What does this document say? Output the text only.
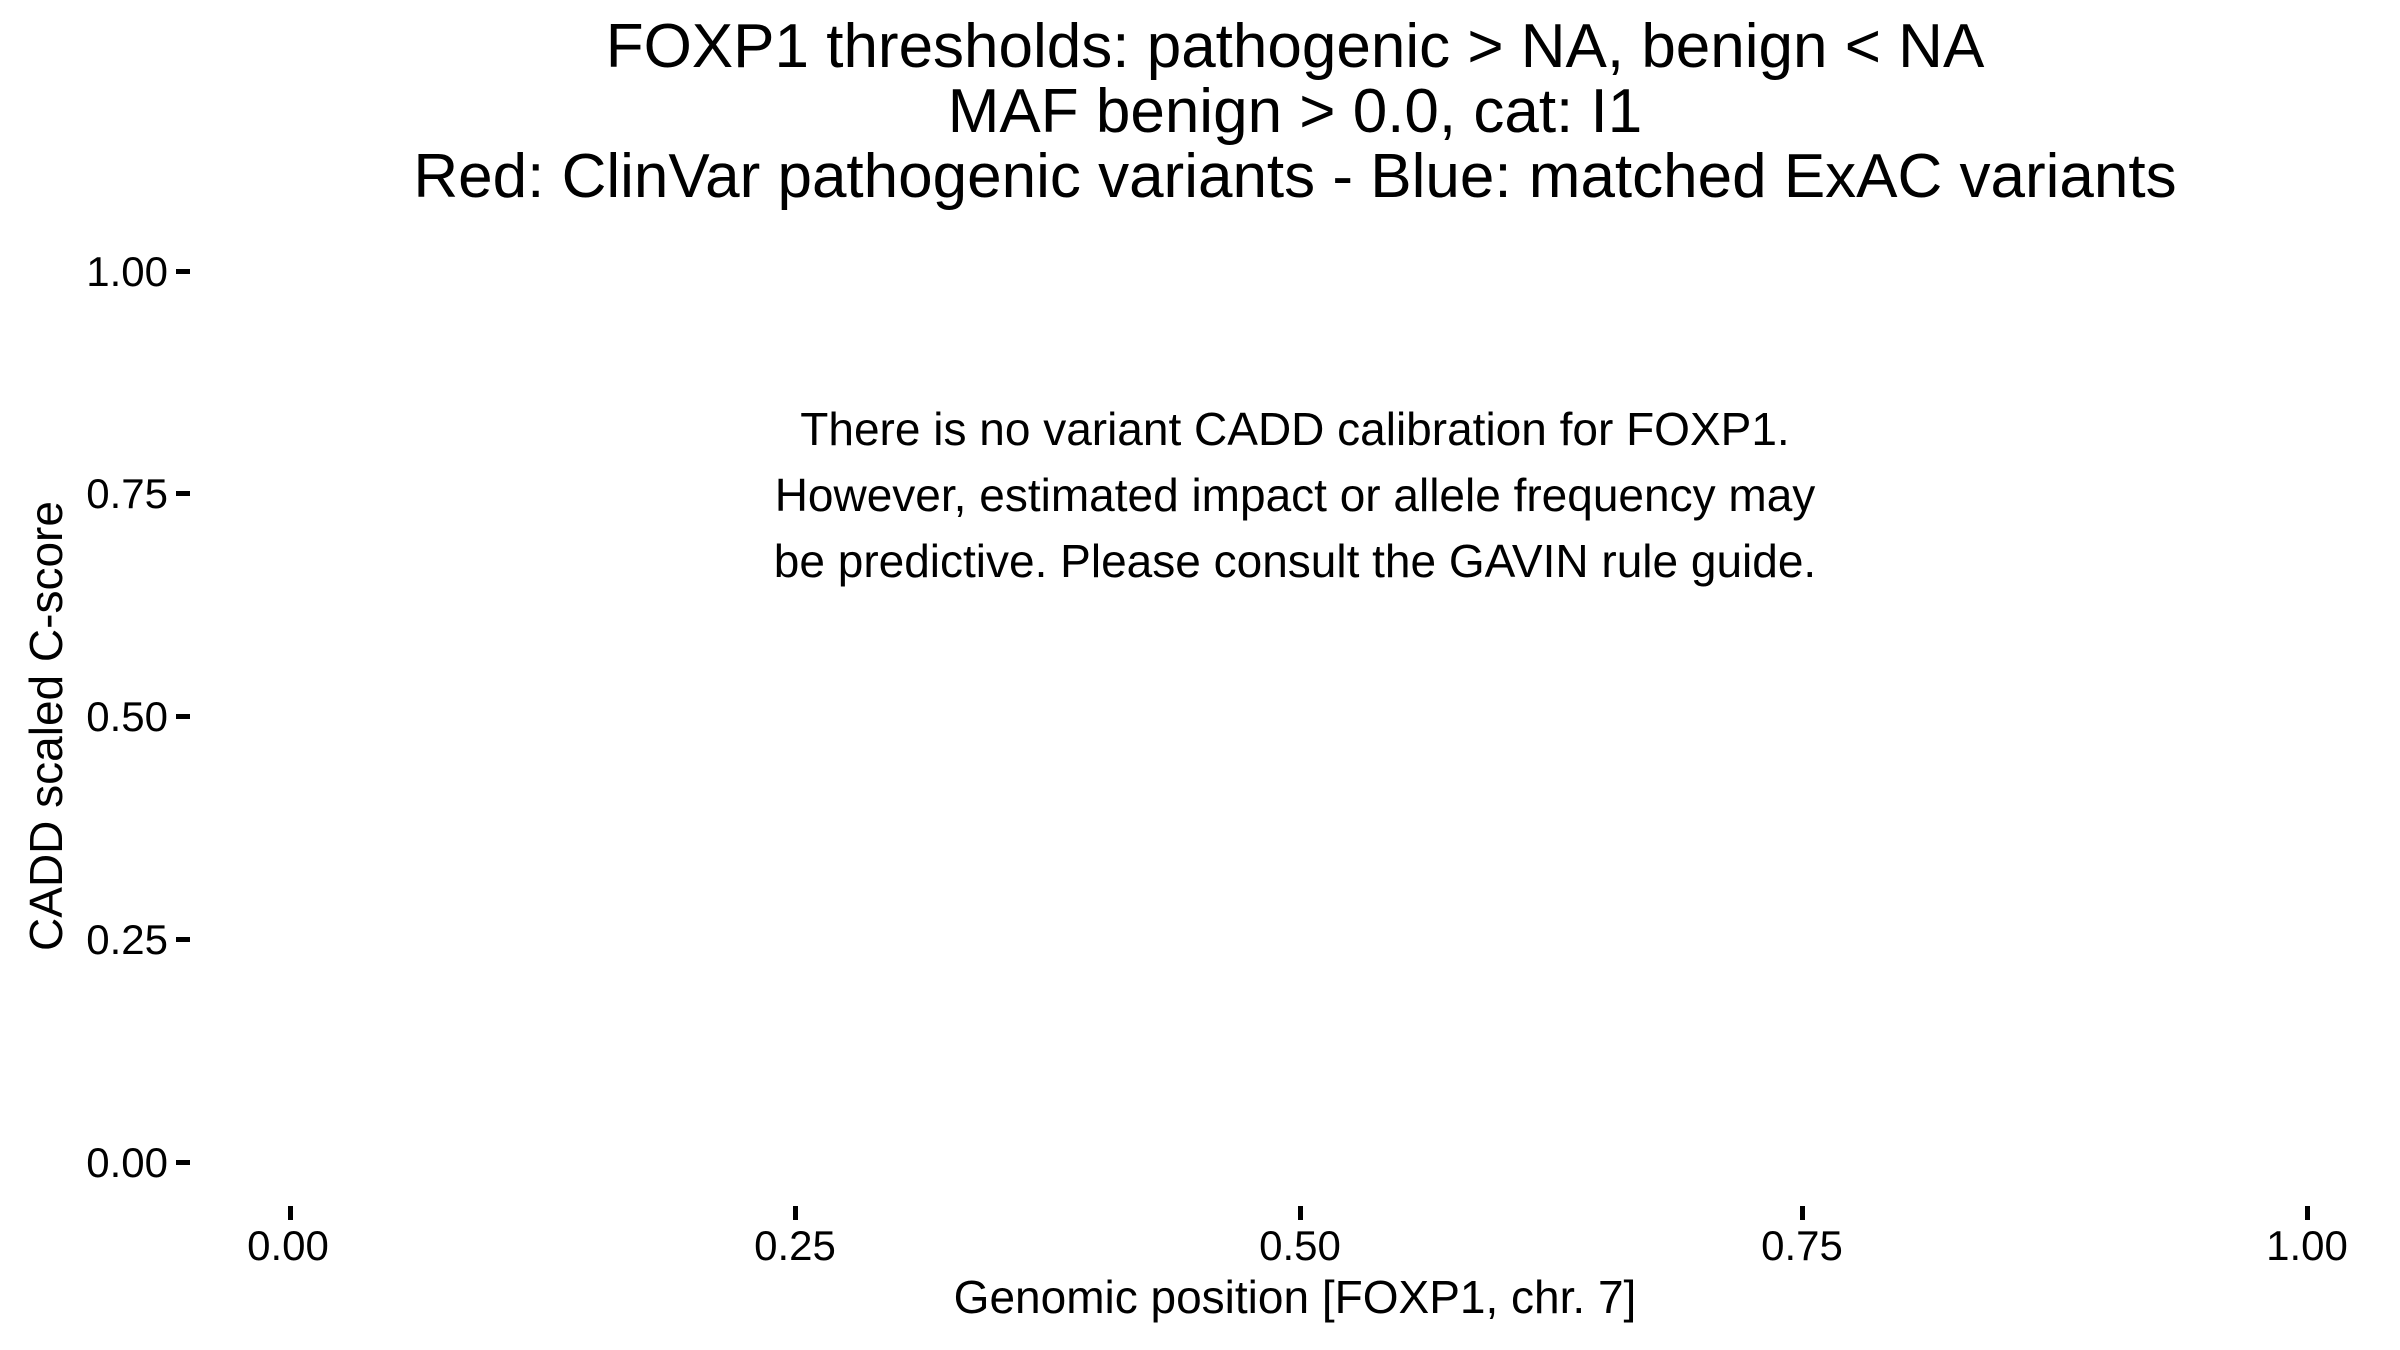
FOXP1 thresholds: pathogenic > NA, benign < NA
MAF benign > 0.0, cat: I1
Red: ClinVar pathogenic variants - Blue: matched ExAC variants
There is no variant CADD calibration for FOXP1.
However, estimated impact or allele frequency may
be predictive. Please consult the GAVIN rule guide.
CADD scaled C-score
Genomic position [FOXP1, chr. 7]
1.00
0.75
0.50
0.25
0.00
0.00	0.25	0.50	0.75	1.00
